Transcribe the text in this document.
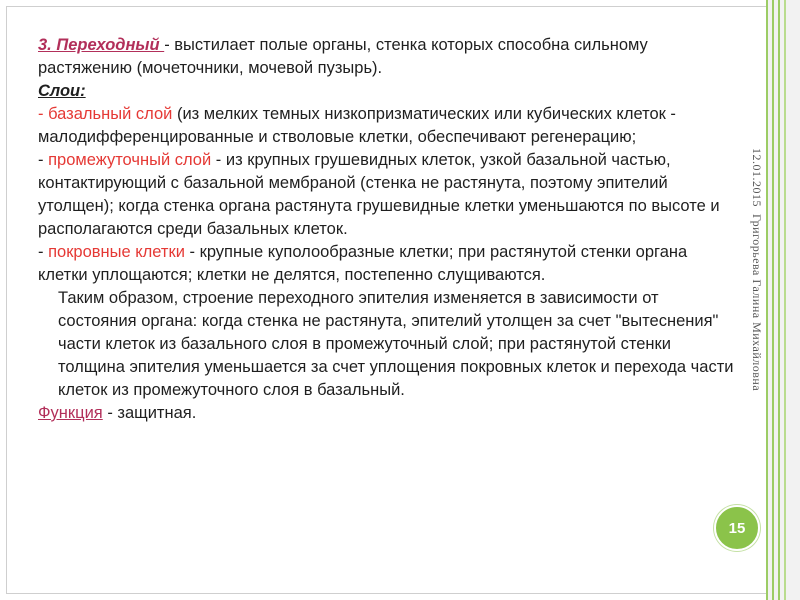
3. Переходный - выстилает полые органы, стенка которых способна сильному растяжению (мочеточники, мочевой пузырь).

Слои:

- базальный слой (из мелких темных низкопризматических или кубических клеток - малодифференцированные и стволовые клетки, обеспечивают регенерацию;

- промежуточный слой - из крупных грушевидных клеток, узкой базальной частью, контактирующий с базальной мембраной (стенка не растянута, поэтому эпителий утолщен); когда стенка органа растянута грушевидные клетки уменьшаются по высоте и располагаются среди базальных клеток.

- покровные клетки - крупные куполообразные клетки; при растянутой стенки органа клетки уплощаются; клетки не делятся, постепенно слущиваются.

Таким образом, строение переходного эпителия изменяется в зависимости от состояния органа: когда стенка не растянута, эпителий утолщен за счет "вытеснения" части клеток из базального слоя в промежуточный слой; при растянутой стенки толщина эпителия уменьшается за счет уплощения покровных клеток и перехода части клеток из промежуточного слоя в базальный.

Функция - защитная.

12.01.2015
Григорьева Галина Михайловна
15
